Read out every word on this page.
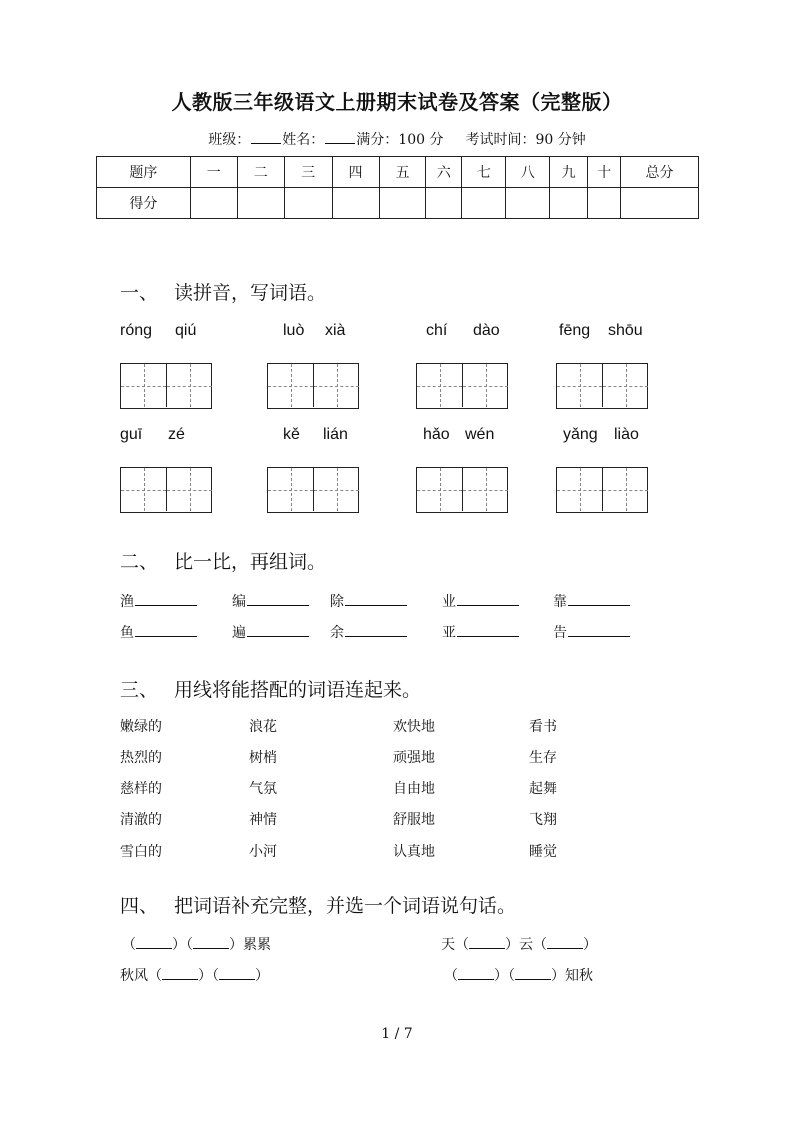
人教版三年级语文上册期末试卷及答案（完整版）
班级： 姓名： 满分：100 分 考试时间：90 分钟
题序	一	二	三	四	五	六	七	八	九	十	总分
得分											
一、 读拼音，写词语。
róng qiú	luò xià	chí dào	fēng shōu
guī zé	kě lián	hǎo wén	yǎng liào
二、 比一比，再组词。
渔	编	除	业	靠
鱼	遍	余	亚	告
三、 用线将能搭配的词语连起来。
嫩绿的	浪花	欢快地	看书
热烈的	树梢	顽强地	生存
慈样的	气氛	自由地	起舞
清澈的	神情	舒服地	飞翔
雪白的	小河	认真地	睡觉
四、 把词语补充完整，并选一个词语说句话。
（	）（	）累累	天（	）云（	）
秋风（	）（	）	（	）（	）知秋
1 / 7
